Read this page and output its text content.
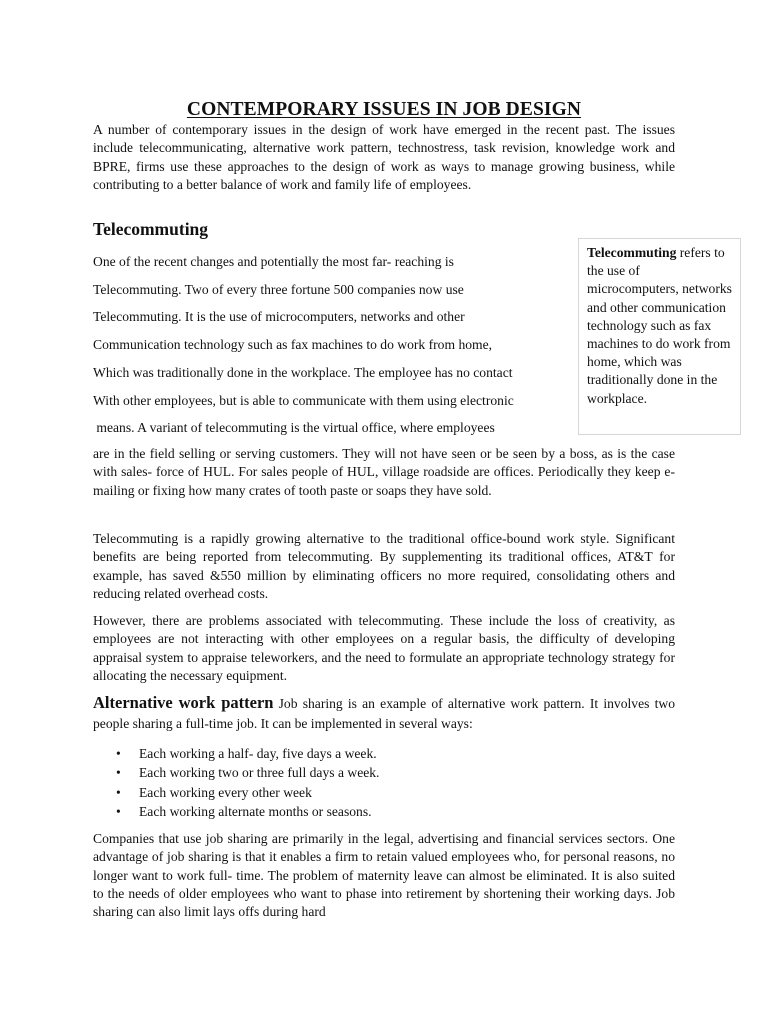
CONTEMPORARY ISSUES IN JOB DESIGN

A number of contemporary issues in the design of work have emerged in the recent past. The issues include telecommunicating, alternative work pattern, technostress, task revision, knowledge work and BPRE, firms use these approaches to the design of work as ways to manage growing business, while contributing to a better balance of work and family life of employees.

Telecommuting

One of the recent changes and potentially the most far- reaching is

Telecommuting. Two of every three fortune 500 companies now use

Telecommuting. It is the use of microcomputers, networks and other

Communication technology such as fax machines to do work from home,

Which was traditionally done in the workplace. The employee has no contact

With other employees, but is able to communicate with them using electronic

means. A variant of telecommuting is the virtual office, where employees

Telecommuting refers to the use of microcomputers, networks and other communication technology such as fax machines to do work from home, which was traditionally done in the workplace.

are in the field selling or serving customers. They will not have seen or be seen by a boss, as is the case with sales- force of HUL. For sales people of HUL, village roadside are offices. Periodically they keep e-mailing or fixing how many crates of tooth paste or soaps they have sold.

Telecommuting is a rapidly growing alternative to the traditional office-bound work style. Significant benefits are being reported from telecommuting. By supplementing its traditional offices, AT&T for example, has saved &550 million by eliminating officers no more required, consolidating others and reducing related overhead costs.

However, there are problems associated with telecommuting. These include the loss of creativity, as employees are not interacting with other employees on a regular basis, the difficulty of developing appraisal system to appraise teleworkers, and the need to formulate an appropriate technology strategy for allocating the necessary equipment.

Alternative work pattern Job sharing is an example of alternative work pattern. It involves two people sharing a full-time job. It can be implemented in several ways:

• Each working a half- day, five days a week.
• Each working two or three full days a week.
• Each working every other week
• Each working alternate months or seasons.

Companies that use job sharing are primarily in the legal, advertising and financial services sectors. One advantage of job sharing is that it enables a firm to retain valued employees who, for personal reasons, no longer want to work full- time. The problem of maternity leave can almost be eliminated. It is also suited to the needs of older employees who want to phase into retirement by shortening their working days. Job sharing can also limit lays offs during hard
